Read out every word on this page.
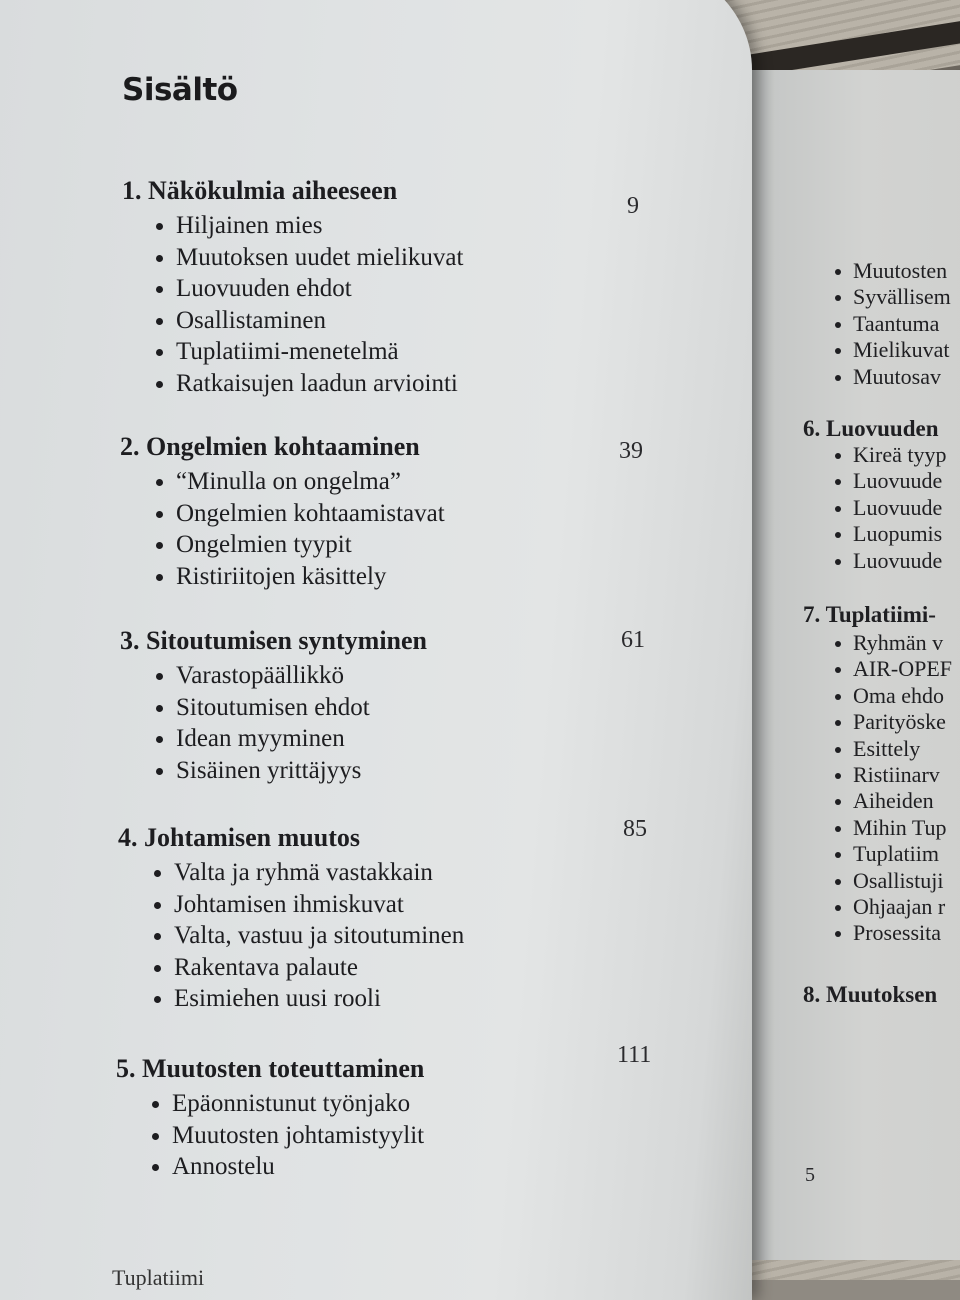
Muutosten
Syvällisem
Taantuma
Mielikuvat
Muutosav
6. Luovuuden
Kireä tyyp
Luovuude
Luovuude
Luopumis
Luovuude
7. Tuplatiimi-
Ryhmän v
AIR-OPEF
Oma ehdo
Parityöske
Esittely
Ristiinarv
Aiheiden
Mihin Tup
Tuplatiim
Osallistuji
Ohjaajan r
Prosessita
8. Muutoksen
5
Sisältö
1. Näkökulmia aiheeseen
Hiljainen mies
Muutoksen uudet mielikuvat
Luovuuden ehdot
Osallistaminen
Tuplatiimi-menetelmä
Ratkaisujen laadun arviointi
9
2. Ongelmien kohtaaminen
“Minulla on ongelma”
Ongelmien kohtaamistavat
Ongelmien tyypit
Ristiriitojen käsittely
39
3. Sitoutumisen syntyminen
Varastopäällikkö
Sitoutumisen ehdot
Idean myyminen
Sisäinen yrittäjyys
61
4. Johtamisen muutos
Valta ja ryhmä vastakkain
Johtamisen ihmiskuvat
Valta, vastuu ja sitoutuminen
Rakentava palaute
Esimiehen uusi rooli
85
5. Muutosten toteuttaminen
Epäonnistunut työnjako
Muutosten johtamistyylit
Annostelu
111
Tuplatiimi
